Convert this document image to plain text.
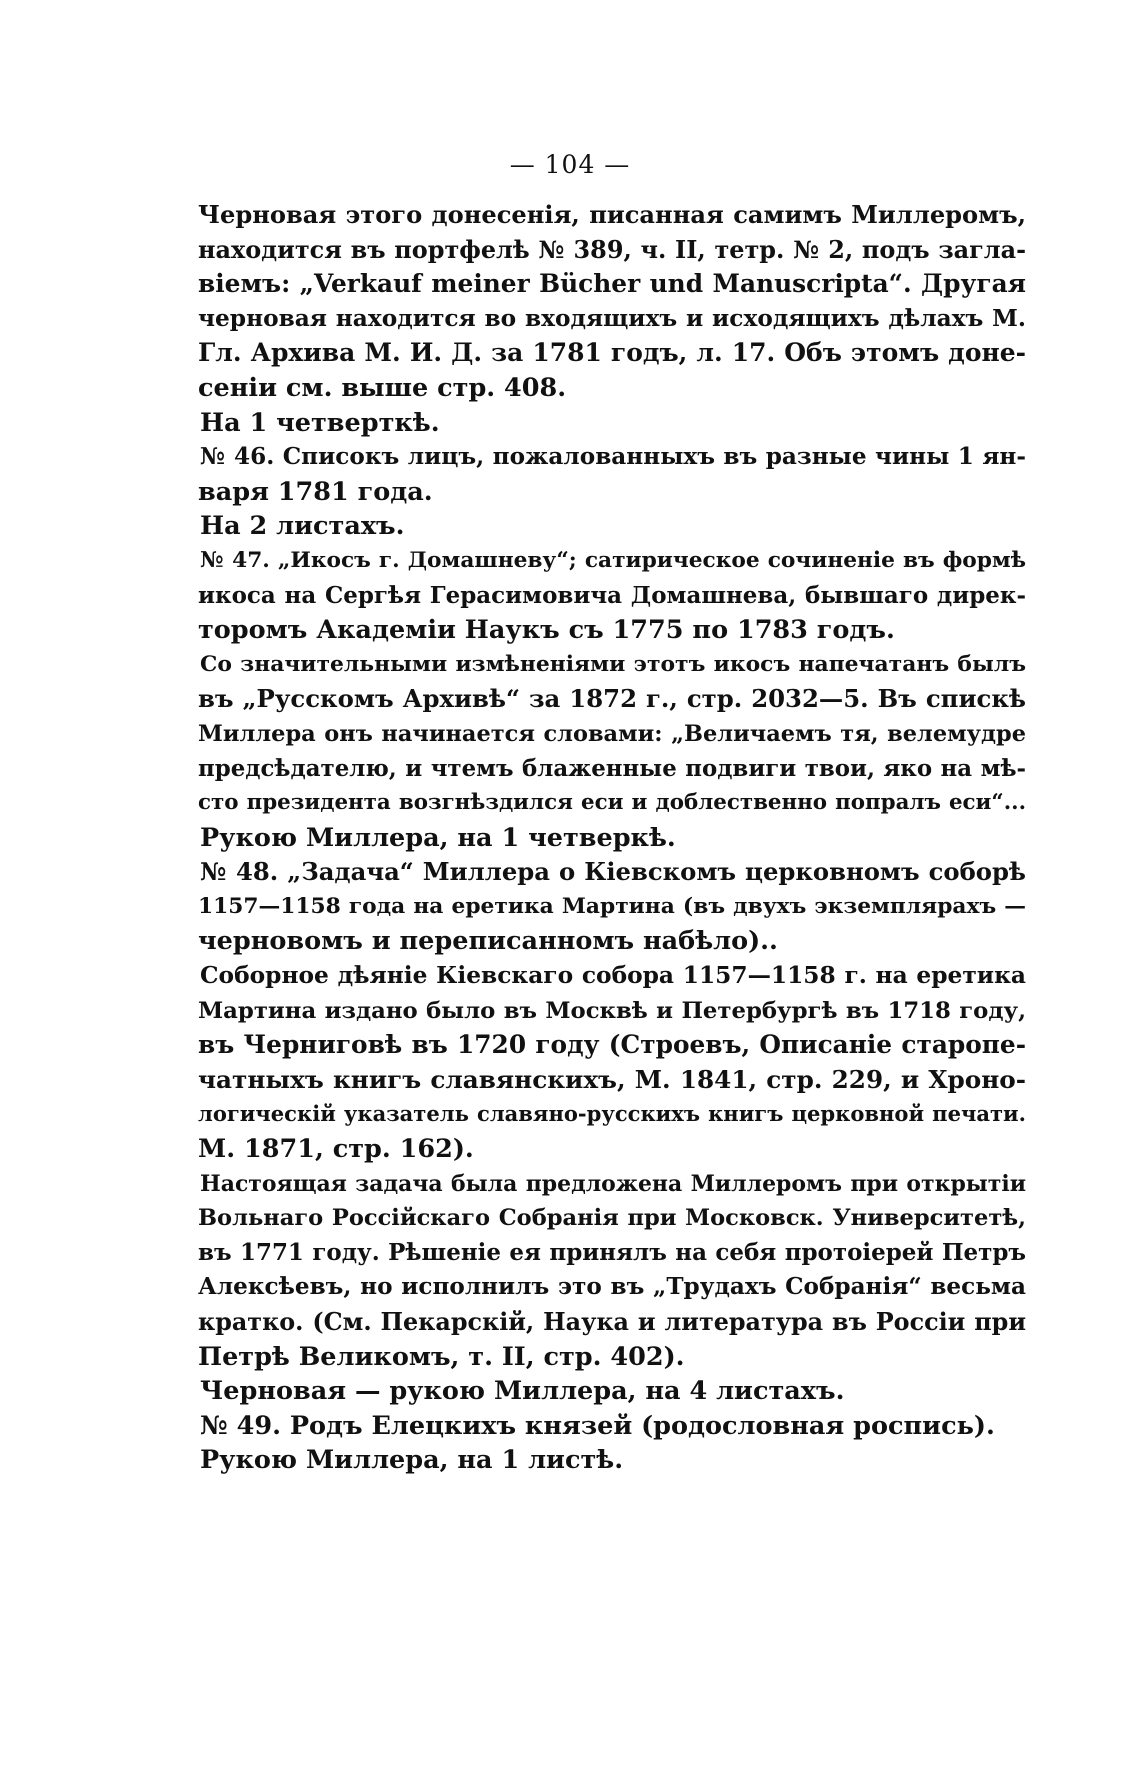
— 104 —
Черновая этого донесенія, писанная самимъ Миллеромъ,
находится въ портфелѣ № 389, ч. II, тетр. № 2, подъ загла-
віемъ: „Verkauf meiner Bücher und Manuscripta“. Другая
черновая находится во входящихъ и исходящихъ дѣлахъ М.
Гл. Архива М. И. Д. за 1781 годъ, л. 17. Объ этомъ доне-
сеніи см. выше стр. 408.
На 1 четверткѣ.
№ 46. Списокъ лицъ, пожалованныхъ въ разные чины 1 ян-
варя 1781 года.
На 2 листахъ.
№ 47. „Икосъ г. Домашневу“; сатирическое сочиненіе въ формѣ
икоса на Сергѣя Герасимовича Домашнева, бывшаго дирек-
торомъ Академіи Наукъ съ 1775 по 1783 годъ.
Со значительными измѣненіями этотъ икосъ напечатанъ былъ
въ „Русскомъ Архивѣ“ за 1872 г., стр. 2032—5. Въ спискѣ
Миллера онъ начинается словами: „Величаемъ тя, велемудре
предсѣдателю, и чтемъ блаженные подвиги твои, яко на мѣ-
сто президента возгнѣздился еси и доблественно попралъ еси“...
Рукою Миллера, на 1 четверкѣ.
№ 48. „Задача“ Миллера о Кіевскомъ церковномъ соборѣ
1157—1158 года на еретика Мартина (въ двухъ экземплярахъ —
черновомъ и переписанномъ набѣло)..
Соборное дѣяніе Кіевскаго собора 1157—1158 г. на еретика
Мартина издано было въ Москвѣ и Петербургѣ въ 1718 году,
въ Черниговѣ въ 1720 году (Строевъ, Описаніе старопе-
чатныхъ книгъ славянскихъ, М. 1841, стр. 229, и Хроно-
логическій указатель славяно-русскихъ книгъ церковной печати.
М. 1871, стр. 162).
Настоящая задача была предложена Миллеромъ при открытіи
Вольнаго Россійскаго Собранія при Московск. Университетѣ,
въ 1771 году. Рѣшеніе ея принялъ на себя протоіерей Петръ
Алексѣевъ, но исполнилъ это въ „Трудахъ Собранія“ весьма
кратко. (См. Пекарскій, Наука и литература въ Россіи при
Петрѣ Великомъ, т. II, стр. 402).
Черновая — рукою Миллера, на 4 листахъ.
№ 49. Родъ Елецкихъ князей (родословная роспись).
Рукою Миллера, на 1 листѣ.
